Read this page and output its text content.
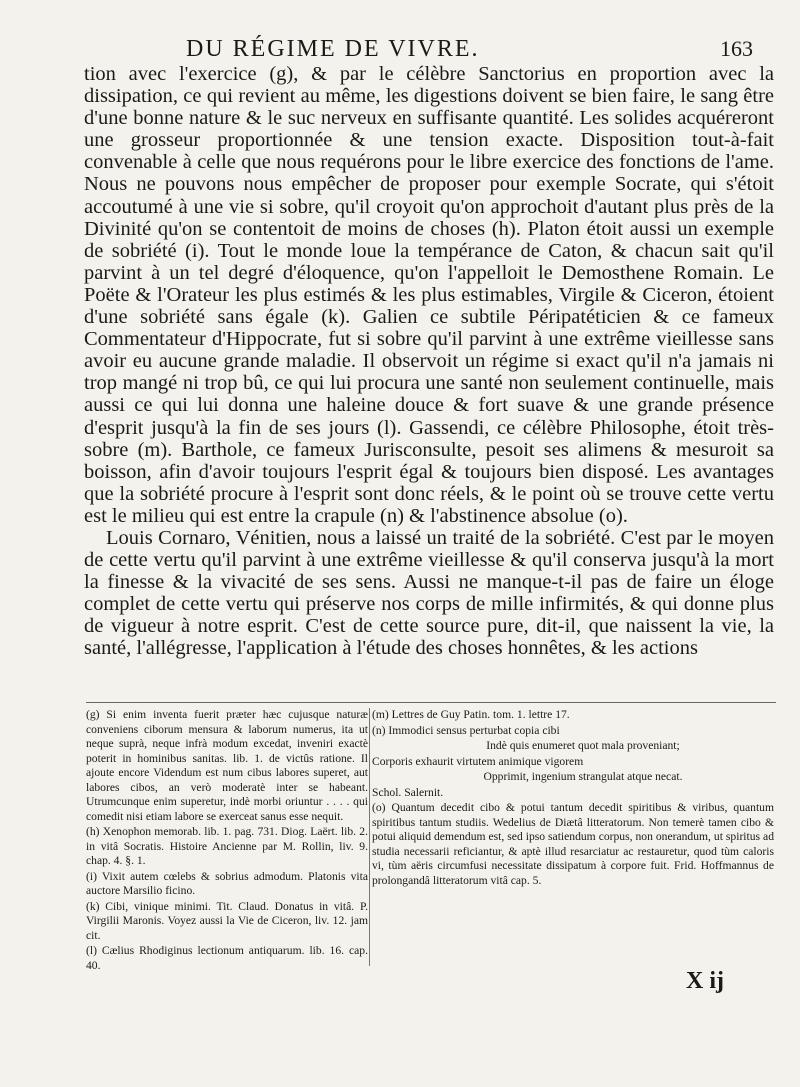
DU RÉGIME DE VIVRE.	163

tion avec l'exercice (g), & par le célèbre Sanctorius en proportion avec la dissipation, ce qui revient au même, les digestions doivent se bien faire, le sang être d'une bonne nature & le suc nerveux en suffisante quantité. Les solides acquéreront une grosseur proportionnée & une tension exacte. Disposition tout-à-fait convenable à celle que nous requérons pour le libre exercice des fonctions de l'ame. Nous ne pouvons nous empêcher de proposer pour exemple Socrate, qui s'étoit accoutumé à une vie si sobre, qu'il croyoit qu'on approchoit d'autant plus près de la Divinité qu'on se contentoit de moins de choses (h). Platon étoit aussi un exemple de sobriété (i). Tout le monde loue la tempérance de Caton, & chacun sait qu'il parvint à un tel degré d'éloquence, qu'on l'appelloit le Demosthene Romain. Le Poëte & l'Orateur les plus estimés & les plus estimables, Virgile & Ciceron, étoient d'une sobriété sans égale (k). Galien ce subtile Péripatéticien & ce fameux Commentateur d'Hippocrate, fut si sobre qu'il parvint à une extrême vieillesse sans avoir eu aucune grande maladie. Il observoit un régime si exact qu'il n'a jamais ni trop mangé ni trop bû, ce qui lui procura une santé non seulement continuelle, mais aussi ce qui lui donna une haleine douce & fort suave & une grande présence d'esprit jusqu'à la fin de ses jours (l). Gassendi, ce célèbre Philosophe, étoit très-sobre (m). Barthole, ce fameux Jurisconsulte, pesoit ses alimens & mesuroit sa boisson, afin d'avoir toujours l'esprit égal & toujours bien disposé. Les avantages que la sobriété procure à l'esprit sont donc réels, & le point où se trouve cette vertu est le milieu qui est entre la crapule (n) & l'abstinence absolue (o).

Louis Cornaro, Vénitien, nous a laissé un traité de la sobriété. C'est par le moyen de cette vertu qu'il parvint à une extrême vieillesse & qu'il conserva jusqu'à la mort la finesse & la vivacité de ses sens. Aussi ne manque-t-il pas de faire un éloge complet de cette vertu qui préserve nos corps de mille infirmités, & qui donne plus de vigueur à notre esprit. C'est de cette source pure, dit-il, que naissent la vie, la santé, l'allégresse, l'application à l'étude des choses honnêtes, & les actions

(g) Si enim inventa fuerit præter hæc cujusque naturæ conveniens ciborum mensura & laborum numerus, ita ut neque suprà, neque infrà modum excedat, inveniri exactè poterit in hominibus sanitas. lib. 1. de victûs ratione. Il ajoute encore Videndum est num cibus labores superet, aut labores cibos, an verò moderatè inter se habeant. Utrumcunque enim superetur, indè morbi oriuntur . . . . qui comedit nisi etiam labore se exerceat sanus esse nequit.

(h) Xenophon memorab. lib. 1. pag. 731. Diog. Laërt. lib. 2. in vitâ Socratis. Histoire Ancienne par M. Rollin, liv. 9. chap. 4. §. 1.

(i) Vixit autem cœlebs & sobrius admodum. Platonis vita auctore Marsilio ficino.

(k) Cibi, vinique minimi. Tit. Claud. Donatus in vitâ. P. Virgilii Maronis. Voyez aussi la Vie de Ciceron, liv. 12. jam cit.

(l) Cælius Rhodiginus lectionum antiquarum. lib. 16. cap. 40.

(m) Lettres de Guy Patin. tom. 1. lettre 17.

(n) Immodici sensus perturbat copia cibi

Indè quis enumeret quot mala proveniant;

Corporis exhaurit virtutem animique vigorem

Opprimit, ingenium strangulat atque necat.

Schol. Salernit.

(o) Quantum decedit cibo & potui tantum decedit spiritibus & viribus, quantum spiritibus tantum studiis. Wedelius de Diætâ litteratorum. Non temerè tamen cibo & potui aliquid demendum est, sed ipso satiendum corpus, non onerandum, ut spiritus ad studia necessarii reficiantur, & aptè illud resarciatur ac restauretur, quod tùm caloris vi, tùm aëris circumfusi necessitate dissipatum à corpore fuit. Frid. Hoffmannus de prolongandâ litteratorum vitâ cap. 5.

X ij
